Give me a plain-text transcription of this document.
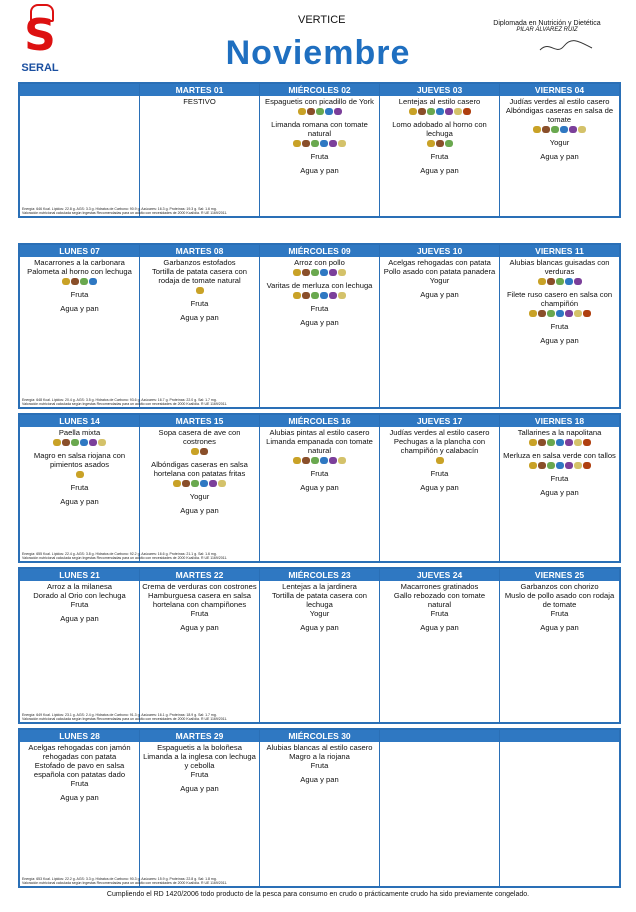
S
SERAL
VERTICE
Noviembre
Diplomada en Nutrición y Dietética
PILAR ÁLVAREZ RUIZ
MARTES 01
FESTIVO
MIÉRCOLES 02
Espaguetis con picadillo de York
Limanda romana con tomate natural
Fruta
Agua y pan
JUEVES 03
Lentejas al estilo casero
Lomo adobado al horno con lechuga
Fruta
Agua y pan
VIERNES 04
Judías verdes al estilo casero
Albóndigas caseras en salsa de tomate
Yogur
Agua y pan
Energía: 646 Kcal. Lípidos: 22.8 g. AGS: 3.3 g. Hidratos de Carbono: 90.9 g. Azúcares: 16.3 g. Proteínas: 19.3 g. Sal: 1.6 mg.
Valoración nutricional calculada según Ingestas Recomendadas para un adulto con necesidades de 2000 Kcal/día. R UE 1169/2011.
LUNES 07
Macarrones a la carbonara
Palometa al horno con lechuga
Fruta
Agua y pan
MARTES 08
Garbanzos estofados
Tortilla de patata casera con rodaja de tomate natural
Fruta
Agua y pan
MIÉRCOLES 09
Arroz con pollo
Varitas de merluza con lechuga
Fruta
Agua y pan
JUEVES 10
Acelgas rehogadas con patata
Pollo asado con patata panadera
Yogur
Agua y pan
VIERNES 11
Alubias blancas guisadas con verduras
Filete ruso casero en salsa con champiñón
Fruta
Agua y pan
Energía: 648 Kcal. Lípidos: 20.4 g. AGS: 3.5 g. Hidratos de Carbono: 93.6 g. Azúcares: 16.7 g. Proteínas: 22.0 g. Sal: 1.7 mg.
Valoración nutricional calculada según Ingestas Recomendadas para un adulto con necesidades de 2000 Kcal/día. R UE 1169/2011.
LUNES 14
Paella mixta
Magro en salsa riojana con pimientos asados
Fruta
Agua y pan
MARTES 15
Sopa casera de ave con costrones
Albóndigas caseras en salsa hortelana con patatas fritas
Yogur
Agua y pan
MIÉRCOLES 16
Alubias pintas al estilo casero
Limanda empanada con tomate natural
Fruta
Agua y pan
JUEVES 17
Judías verdes al estilo casero
Pechugas a la plancha con champiñón y calabacín
Fruta
Agua y pan
VIERNES 18
Tallarines a la napolitana
Merluza en salsa verde con tallos
Fruta
Agua y pan
Energía: 655 Kcal. Lípidos: 22.4 g. AGS: 3.8 g. Hidratos de Carbono: 92.2 g. Azúcares: 16.6 g. Proteínas: 21.1 g. Sal: 1.6 mg.
Valoración nutricional calculada según Ingestas Recomendadas para un adulto con necesidades de 2000 Kcal/día. R UE 1169/2011.
LUNES 21
Arroz a la milanesa
Dorado al Orio con lechuga
Fruta
Agua y pan
MARTES 22
Crema de verduras con costrones
Hamburguesa casera en salsa hortelana con champiñones
Fruta
Agua y pan
MIÉRCOLES 23
Lentejas a la jardinera
Tortilla de patata casera con lechuga
Yogur
Agua y pan
JUEVES 24
Macarrones gratinados
Gallo rebozado con tomate natural
Fruta
Agua y pan
VIERNES 25
Garbanzos con chorizo
Muslo de pollo asado con rodaja de tomate
Fruta
Agua y pan
Energía: 649 Kcal. Lípidos: 23.1 g. AGS: 2.4 g. Hidratos de Carbono: 91.3 g. Azúcares: 16.1 g. Proteínas: 18.9 g. Sal: 1.7 mg.
Valoración nutricional calculada según Ingestas Recomendadas para un adulto con necesidades de 2000 Kcal/día. R UE 1169/2011.
LUNES 28
Acelgas rehogadas con jamón rehogadas con patata
Estofado de pavo en salsa española con patatas dado
Fruta
Agua y pan
MARTES 29
Espaguetis a la boloñesa
Limanda a la inglesa con lechuga y cebolla
Fruta
Agua y pan
MIÉRCOLES 30
Alubias blancas al estilo casero
Magro a la riojana
Fruta
Agua y pan
Energía: 653 Kcal. Lípidos: 22.2 g. AGS: 3.3 g. Hidratos de Carbono: 90.3 g. Azúcares: 15.9 g. Proteínas: 22.8 g. Sal: 1.8 mg.
Valoración nutricional calculada según Ingestas Recomendadas para un adulto con necesidades de 2000 Kcal/día. R UE 1169/2011.
Cumpliendo el RD 1420/2006 todo producto de la pesca para consumo en crudo o prácticamente crudo ha sido previamente congelado.
